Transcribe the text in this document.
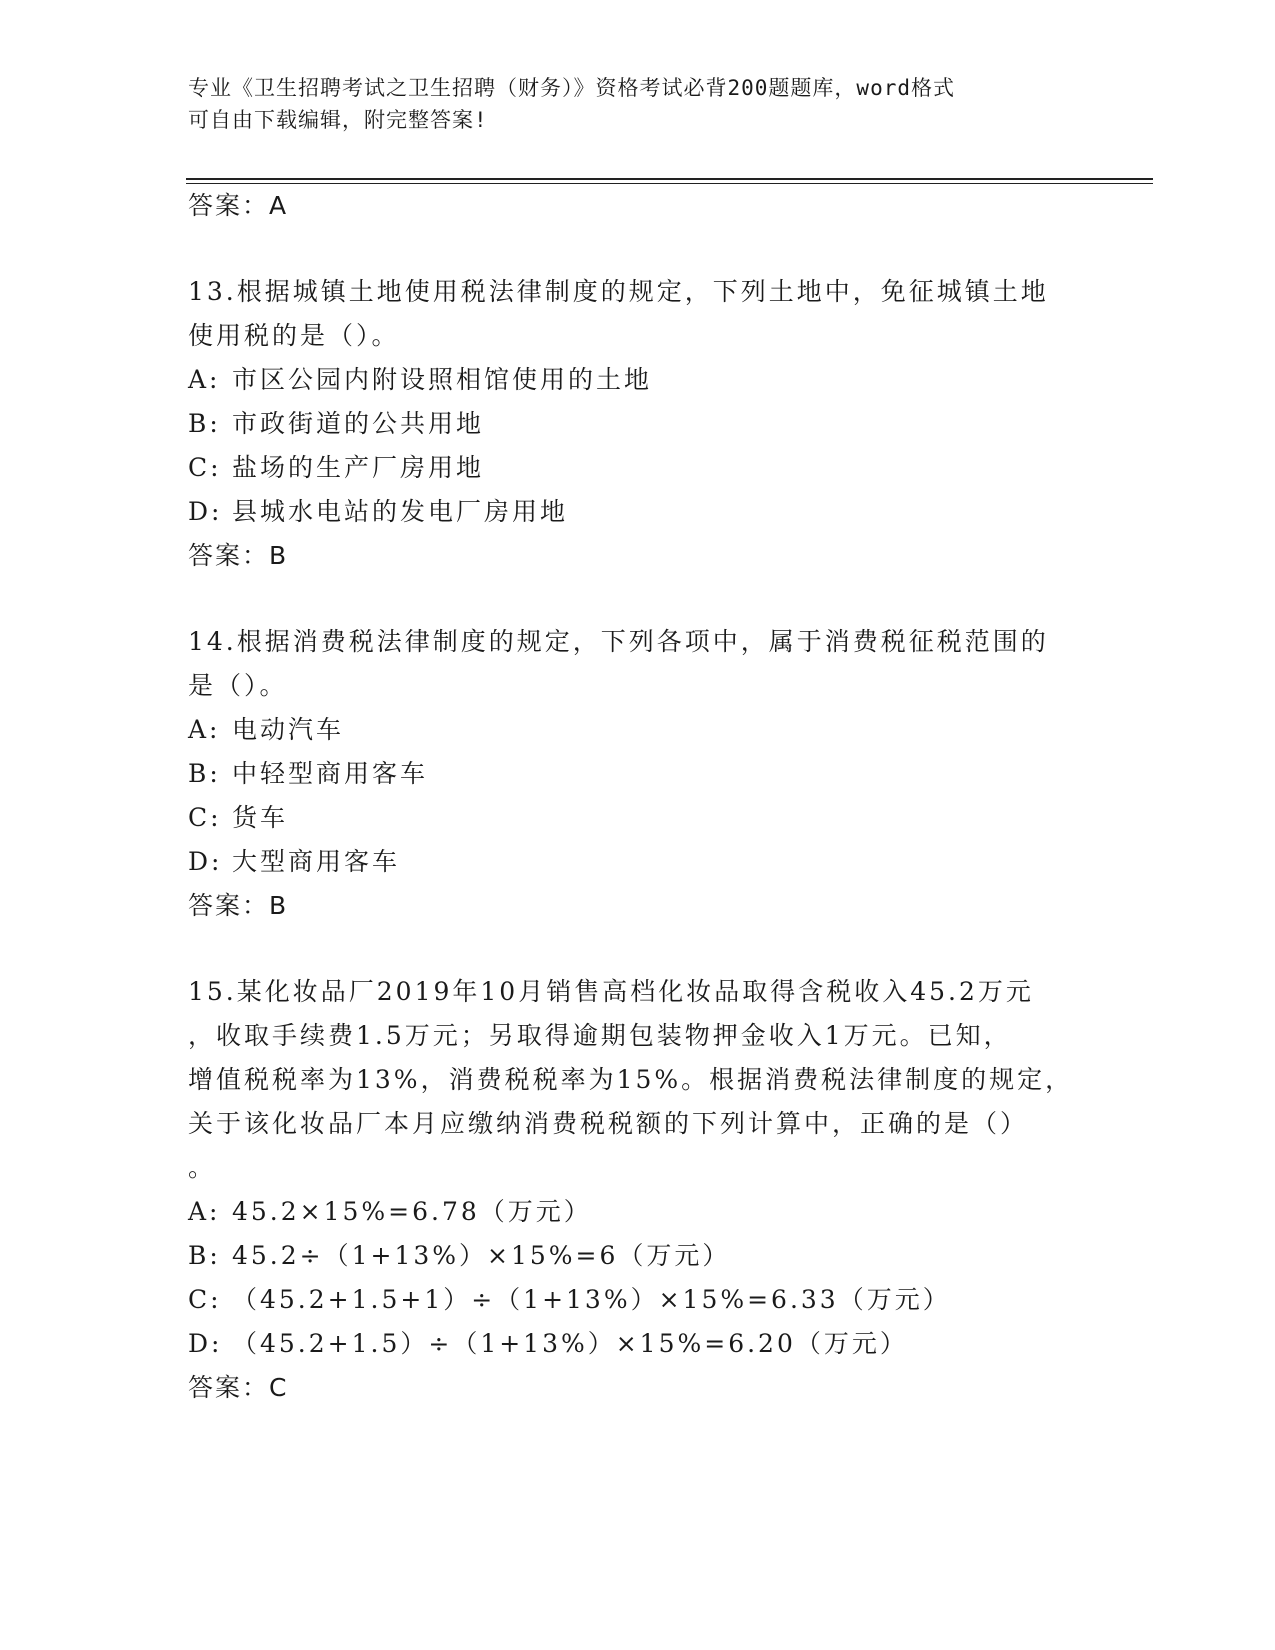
专业《卫生招聘考试之卫生招聘（财务）》资格考试必背200题题库，word格式
可自由下载编辑，附完整答案!
答案：A
13.根据城镇土地使用税法律制度的规定，下列土地中，免征城镇土地
使用税的是（）。
A: 市区公园内附设照相馆使用的土地
B: 市政街道的公共用地
C: 盐场的生产厂房用地
D: 县城水电站的发电厂房用地
答案：B
14.根据消费税法律制度的规定，下列各项中，属于消费税征税范围的
是（）。
A: 电动汽车
B: 中轻型商用客车
C: 货车
D: 大型商用客车
答案：B
15.某化妆品厂2019年10月销售高档化妆品取得含税收入45.2万元
，收取手续费1.5万元；另取得逾期包装物押金收入1万元。已知，
增值税税率为13%，消费税税率为15%。根据消费税法律制度的规定，
关于该化妆品厂本月应缴纳消费税税额的下列计算中，正确的是（）
。
A: 45.2×15%=6.78（万元）
B: 45.2÷（1+13%）×15%=6（万元）
C: （45.2+1.5+1）÷（1+13%）×15%=6.33（万元）
D: （45.2+1.5）÷（1+13%）×15%=6.20（万元）
答案：C
